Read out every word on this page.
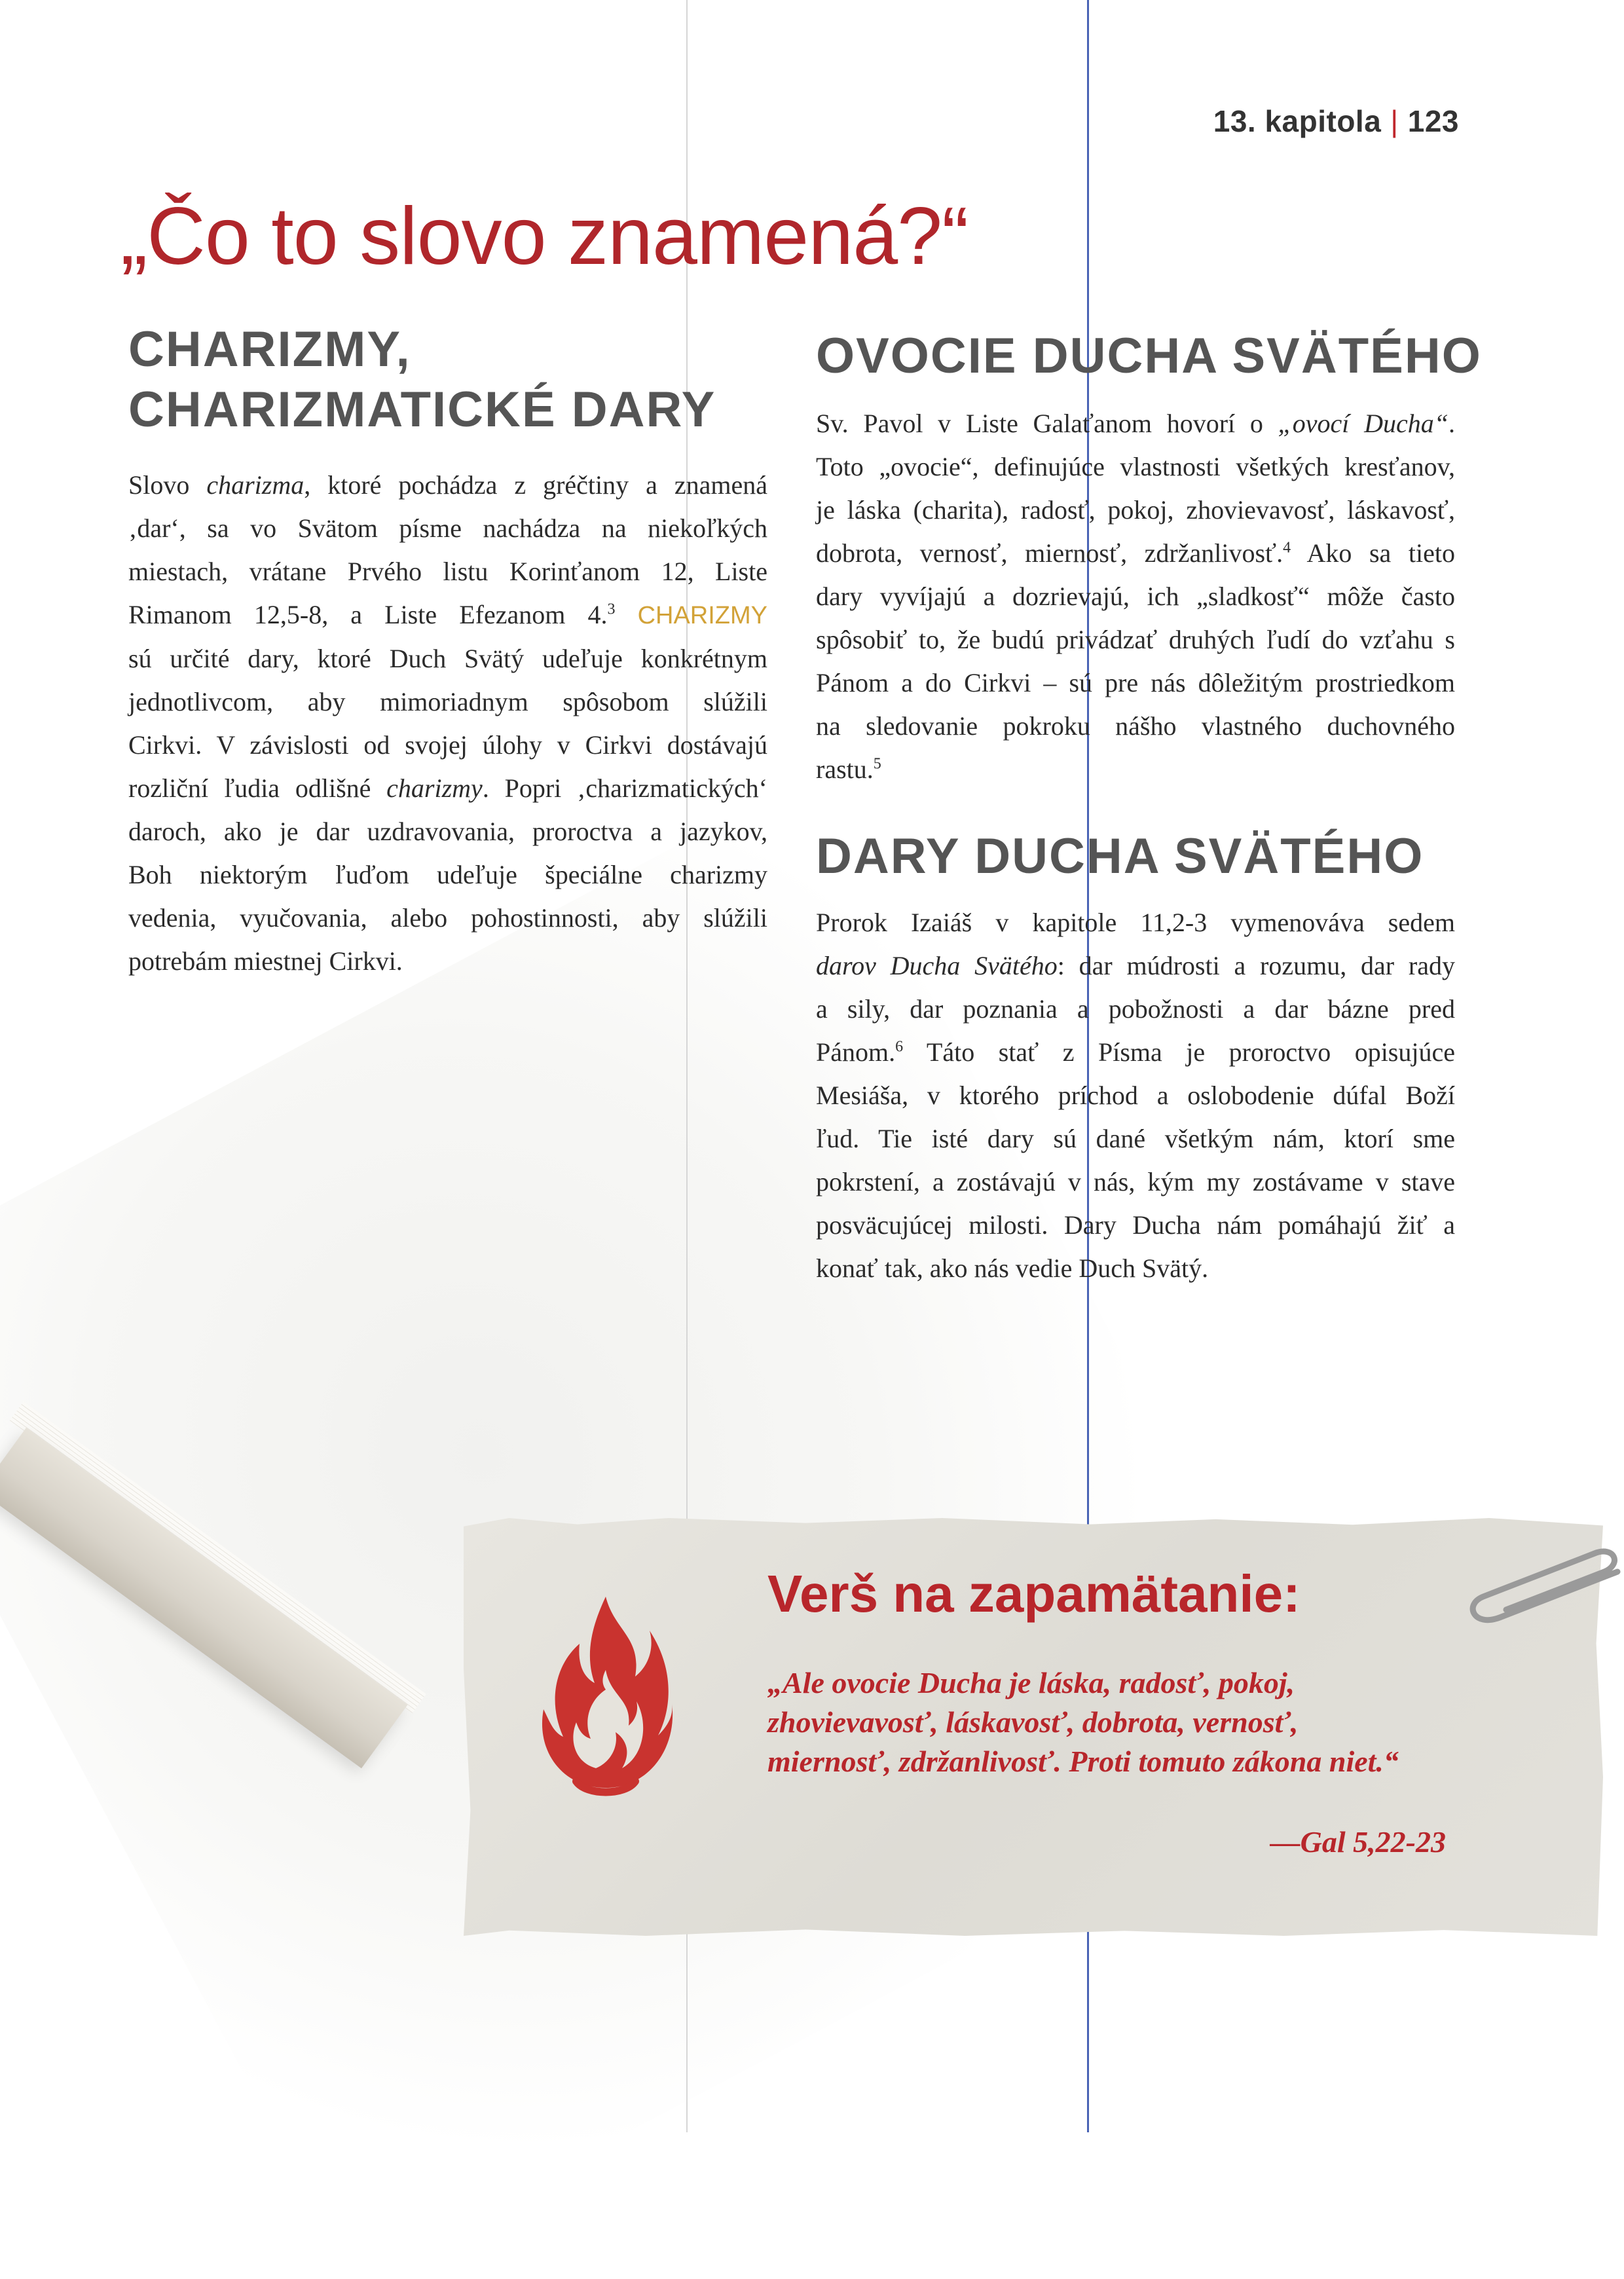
13. kapitola | 123
„Čo to slovo znamená?“
CHARIZMY,
CHARIZMATICKÉ DARY
Slovo charizma, ktoré pochádza z gréčtiny a znamená
‚dar‘, sa vo Svätom písme nachádza na niekoľkých
miestach, vrátane Prvého listu Korinťanom 12, Liste
Rimanom 12,5-8, a Liste Efezanom 4.$^3$ CHARIZMY
sú určité dary, ktoré Duch Svätý udeľuje konkrétnym
jednotlivcom, aby mimoriadnym spôsobom slúžili
Cirkvi. V závislosti od svojej úlohy v Cirkvi dostávajú
rozliční ľudia odlišné charizmy. Popri ‚charizmatických‘
daroch, ako je dar uzdravovania, proroctva a jazykov,
Boh niektorým ľuďom udeľuje špeciálne charizmy
vedenia, vyučovania, alebo pohostinnosti, aby slúžili
potrebám miestnej Cirkvi.
OVOCIE DUCHA SVÄTÉHO
Sv. Pavol v Liste Galaťanom hovorí o „ovocí Ducha“.
Toto „ovocie“, definujúce vlastnosti všetkých kresťanov,
je láska (charita), radosť, pokoj, zhovievavosť, láskavosť,
dobrota, vernosť, miernosť, zdržanlivosť.$^4$ Ako sa tieto
dary vyvíjajú a dozrievajú, ich „sladkosť“ môže často
spôsobiť to, že budú privádzať druhých ľudí do vzťahu s
Pánom a do Cirkvi – sú pre nás dôležitým prostriedkom
na sledovanie pokroku nášho vlastného duchovného
rastu.$^5$
DARY DUCHA SVÄTÉHO
Prorok Izaiáš v kapitole 11,2-3 vymenováva sedem
darov Ducha Svätého: dar múdrosti a rozumu, dar rady
a sily, dar poznania a pobožnosti a dar bázne pred
Pánom.$^6$ Táto stať z Písma je proroctvo opisujúce
Mesiáša, v ktorého príchod a oslobodenie dúfal Boží
ľud. Tie isté dary sú dané všetkým nám, ktorí sme
pokrstení, a zostávajú v nás, kým my zostávame v stave
posväcujúcej milosti. Dary Ducha nám pomáhajú žiť a
konať tak, ako nás vedie Duch Svätý.
Verš na zapamätanie:
„Ale ovocie Ducha je láska, radosť, pokoj,
zhovievavosť, láskavosť, dobrota, vernosť,
miernosť, zdržanlivosť. Proti tomuto zákona niet.“
—Gal 5,22-23
